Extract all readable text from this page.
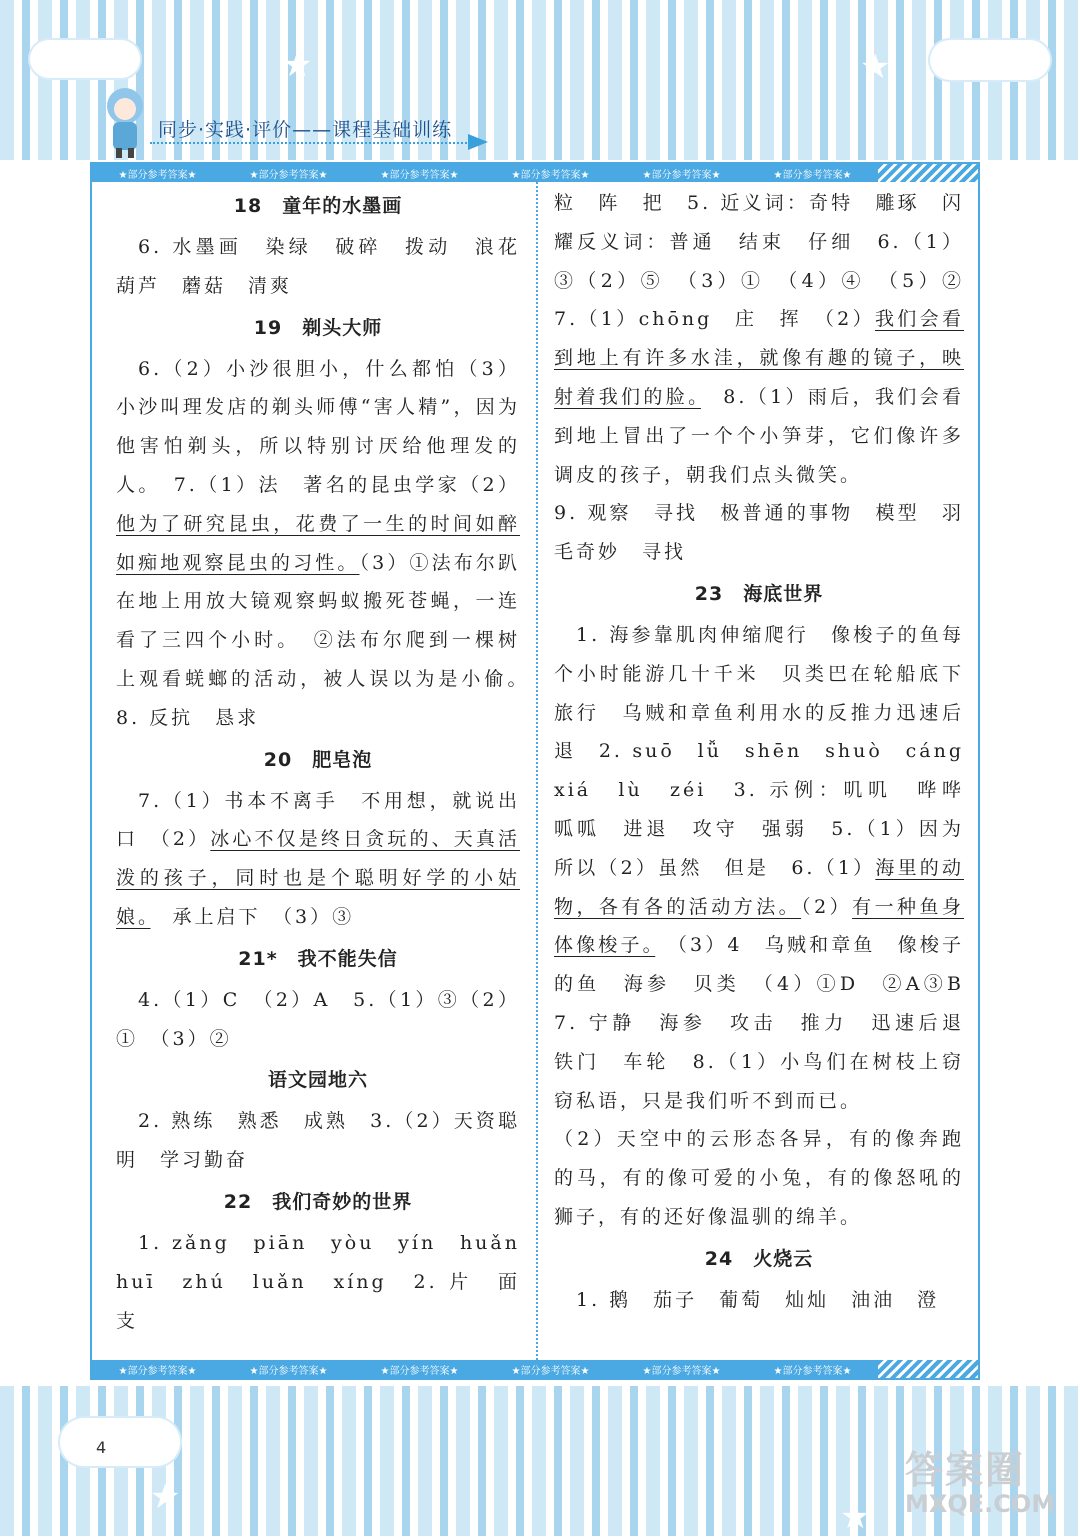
★	★
★	★
同步·实践·评价——课程基础训练
★部分参考答案★	★部分参考答案★	★部分参考答案★	★部分参考答案★	★部分参考答案★	★部分参考答案★
18　童年的水墨画
 6. 水墨画　染绿　破碎　拨动　浪花葫芦　蘑菇　清爽
19　剃头大师
 6.（2）小沙很胆小，什么都怕（3）小沙叫理发店的剃头师傅“害人精”，因为他害怕剃头，所以特别讨厌给他理发的人。　7.（1）法　著名的昆虫学家（2）他为了研究昆虫，花费了一生的时间如醉如痴地观察昆虫的习性。（3）①法布尔趴在地上用放大镜观察蚂蚁搬死苍蝇，一连看了三四个小时。　②法布尔爬到一棵树上观看蜣螂的活动，被人误以为是小偷。　8. 反抗　恳求
20　肥皂泡
 7.（1）书本不离手　不用想，就说出口　（2）冰心不仅是终日贪玩的、天真活泼的孩子，同时也是个聪明好学的小姑娘。　承上启下　（3）③
21*　我不能失信
 4.（1）C　（2）A　5.（1）③（2）①　（3）②
语文园地六
 2. 熟练　熟悉　成熟　3.（2）天资聪明　学习勤奋
22　我们奇妙的世界
 1. zǎng　piān　yòu　yín　huǎn　huī　zhú　luǎn　xíng　2. 片　面　支
粒　阵　把　5. 近义词：奇特　雕琢　闪耀反义词：普通　结束　仔细　6.（1）③（2）⑤　（3）①　（4）④　（5）②　7.（1）chōng　庄　挥　（2）我们会看到地上有许多水洼，就像有趣的镜子，映射着我们的脸。　8.（1）雨后，我们会看到地上冒出了一个个小笋芽，它们像许多调皮的孩子，朝我们点头微笑。
9. 观察　寻找　极普通的事物　模型　羽毛奇妙　寻找
23　海底世界
 1. 海参靠肌肉伸缩爬行　像梭子的鱼每个小时能游几十千米　贝类巴在轮船底下旅行　乌贼和章鱼利用水的反推力迅速后退　2. suō　lǚ　shēn　shuò　cáng　xiá　lù　zéi　3. 示例：叽叽　哗哗　呱呱　进退　攻守　强弱　5.（1）因为所以（2）虽然　但是　6.（1）海里的动物，各有各的活动方法。（2）有一种鱼身体像梭子。　（3）4　乌贼和章鱼　像梭子的鱼　海参　贝类　（4）①D　②A③B　7. 宁静　海参　攻击　推力　迅速后退　铁门　车轮　8.（1）小鸟们在树枝上窃窃私语，只是我们听不到而已。
（2）天空中的云形态各异，有的像奔跑的马，有的像可爱的小兔，有的像怒吼的狮子，有的还好像温驯的绵羊。
24　火烧云
 1. 鹅　茄子　葡萄　灿灿　油油　澄
★部分参考答案★	★部分参考答案★	★部分参考答案★	★部分参考答案★	★部分参考答案★	★部分参考答案★
4
答案圈
MXQE.COM
